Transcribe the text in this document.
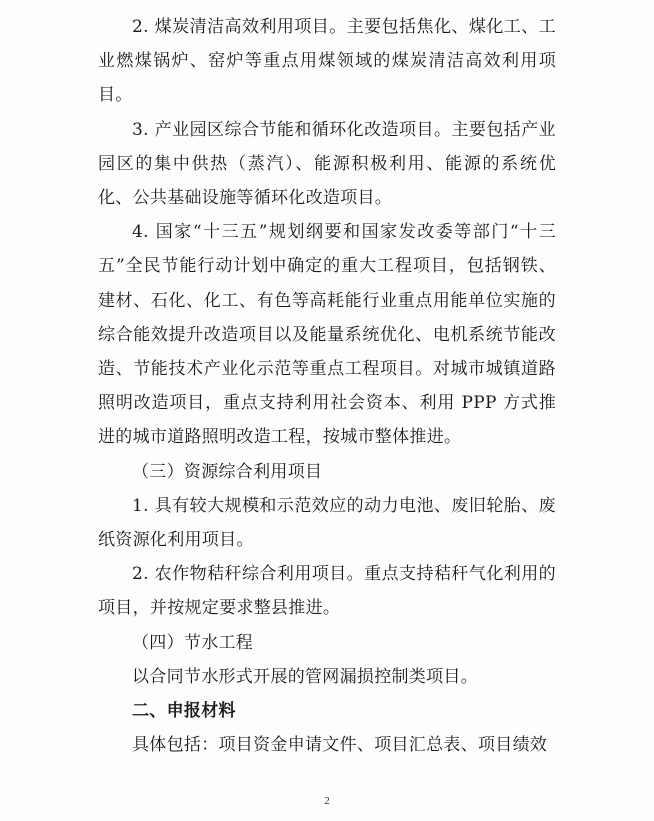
2. 煤炭清洁高效利用项目。主要包括焦化、煤化工、工业燃煤锅炉、窑炉等重点用煤领域的煤炭清洁高效利用项目。

3. 产业园区综合节能和循环化改造项目。主要包括产业园区的集中供热（蒸汽）、能源积极利用、能源的系统优化、公共基础设施等循环化改造项目。

4. 国家“十三五”规划纲要和国家发改委等部门“十三五”全民节能行动计划中确定的重大工程项目，包括钢铁、建材、石化、化工、有色等高耗能行业重点用能单位实施的综合能效提升改造项目以及能量系统优化、电机系统节能改造、节能技术产业化示范等重点工程项目。对城市城镇道路照明改造项目，重点支持利用社会资本、利用 PPP 方式推进的城市道路照明改造工程，按城市整体推进。

（三）资源综合利用项目

1. 具有较大规模和示范效应的动力电池、废旧轮胎、废纸资源化利用项目。

2. 农作物秸秆综合利用项目。重点支持秸秆气化利用的项目，并按规定要求整县推进。

（四）节水工程

以合同节水形式开展的管网漏损控制类项目。

二、申报材料

具体包括：项目资金申请文件、项目汇总表、项目绩效

2
